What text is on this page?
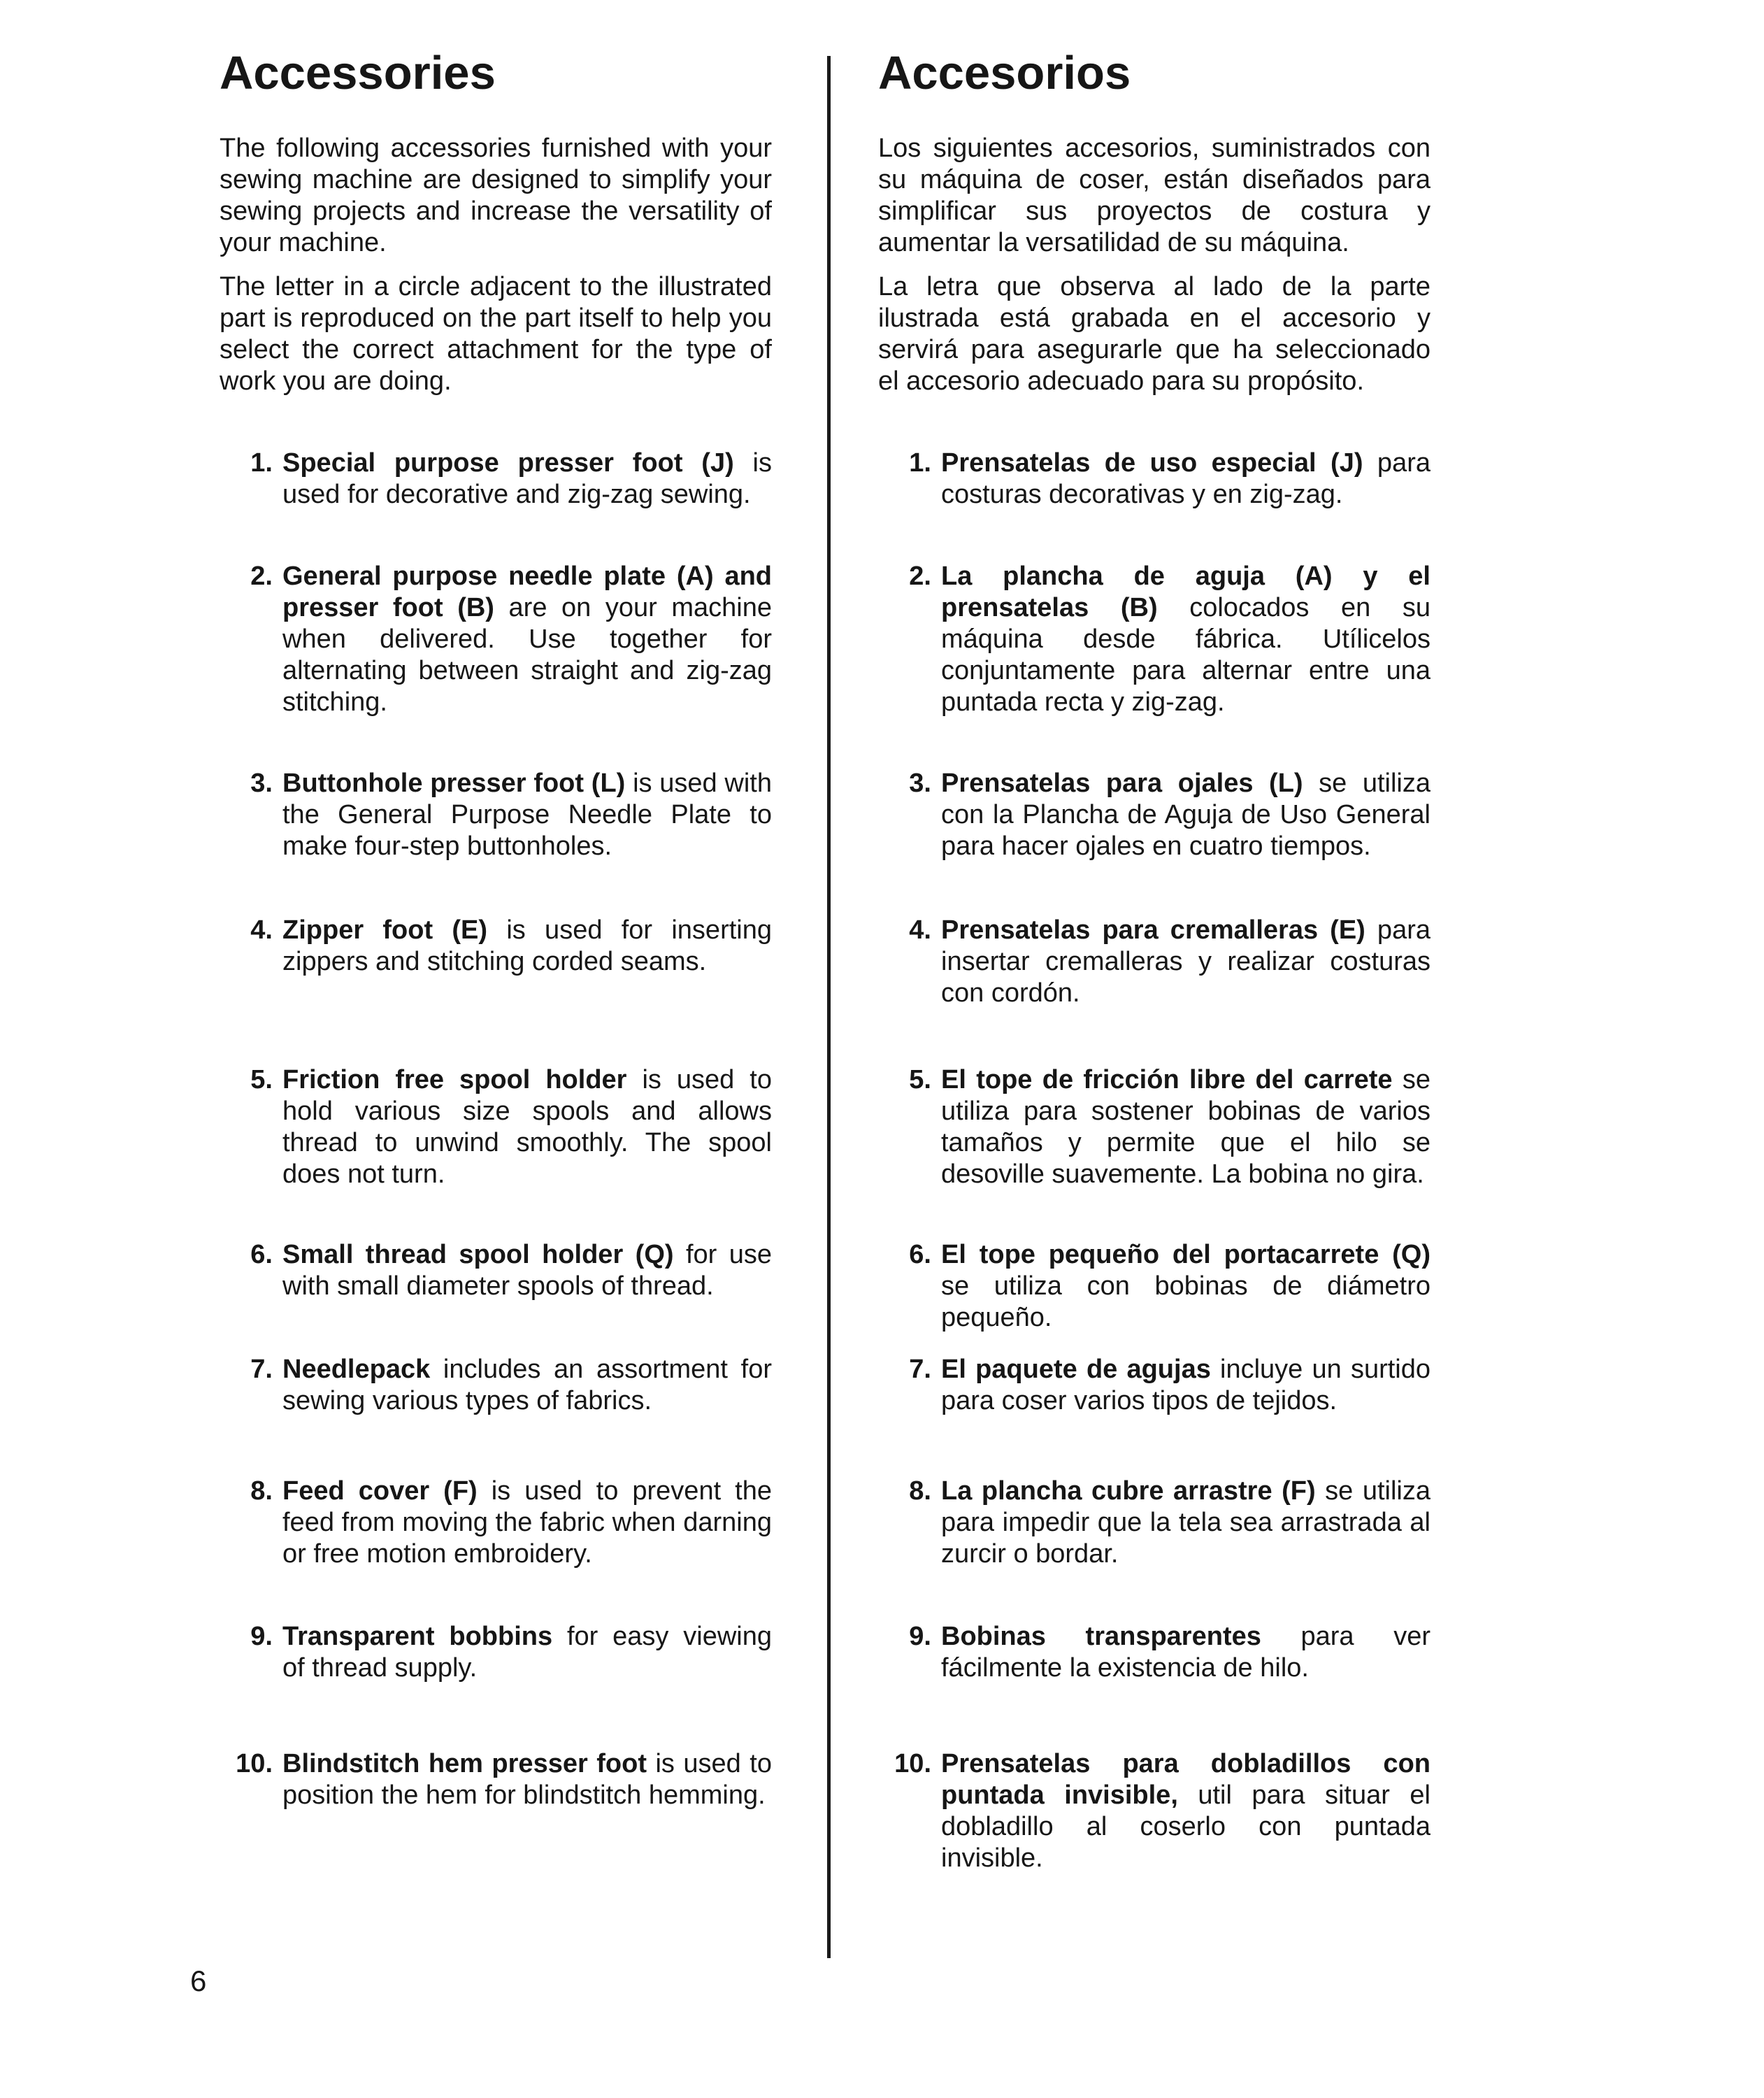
Accessories

The following accessories furnished with your sewing machine are designed to simplify your sewing projects and increase the versatility of your machine.

The letter in a circle adjacent to the illustrated part is reproduced on the part itself to help you select the correct attachment for the type of work you are doing.

1. Special purpose presser foot (J) is used for decorative and zig-zag sewing.
2. General purpose needle plate (A) and presser foot (B) are on your machine when delivered. Use together for alternating between straight and zig-zag stitching.
3. Buttonhole presser foot (L) is used with the General Purpose Needle Plate to make four-step buttonholes.
4. Zipper foot (E) is used for inserting zippers and stitching corded seams.
5. Friction free spool holder is used to hold various size spools and allows thread to unwind smoothly. The spool does not turn.
6. Small thread spool holder (Q) for use with small diameter spools of thread.
7. Needlepack includes an assortment for sewing various types of fabrics.
8. Feed cover (F) is used to prevent the feed from moving the fabric when darning or free motion embroidery.
9. Transparent bobbins for easy viewing of thread supply.
10. Blindstitch hem presser foot is used to position the hem for blindstitch hemming.
Accesorios

Los siguientes accesorios, suministrados con su máquina de coser, están diseñados para simplificar sus proyectos de costura y aumentar la versatilidad de su máquina.

La letra que observa al lado de la parte ilustrada está grabada en el accesorio y servirá para asegurarle que ha seleccionado el accesorio adecuado para su propósito.

1. Prensatelas de uso especial (J) para costuras decorativas y en zig-zag.
2. La plancha de aguja (A) y el prensatelas (B) colocados en su máquina desde fábrica. Utílicelos conjuntamente para alternar entre una puntada recta y zig-zag.
3. Prensatelas para ojales (L) se utiliza con la Plancha de Aguja de Uso General para hacer ojales en cuatro tiempos.
4. Prensatelas para cremalleras (E) para insertar cremalleras y realizar costuras con cordón.
5. El tope de fricción libre del carrete se utiliza para sostener bobinas de varios tamaños y permite que el hilo se desoville suavemente. La bobina no gira.
6. El tope pequeño del portacarrete (Q) se utiliza con bobinas de diámetro pequeño.
7. El paquete de agujas incluye un surtido para coser varios tipos de tejidos.
8. La plancha cubre arrastre (F) se utiliza para impedir que la tela sea arrastrada al zurcir o bordar.
9. Bobinas transparentes para ver fácilmente la existencia de hilo.
10. Prensatelas para dobladillos con puntada invisible, util para situar el dobladillo al coserlo con puntada invisible.
6
